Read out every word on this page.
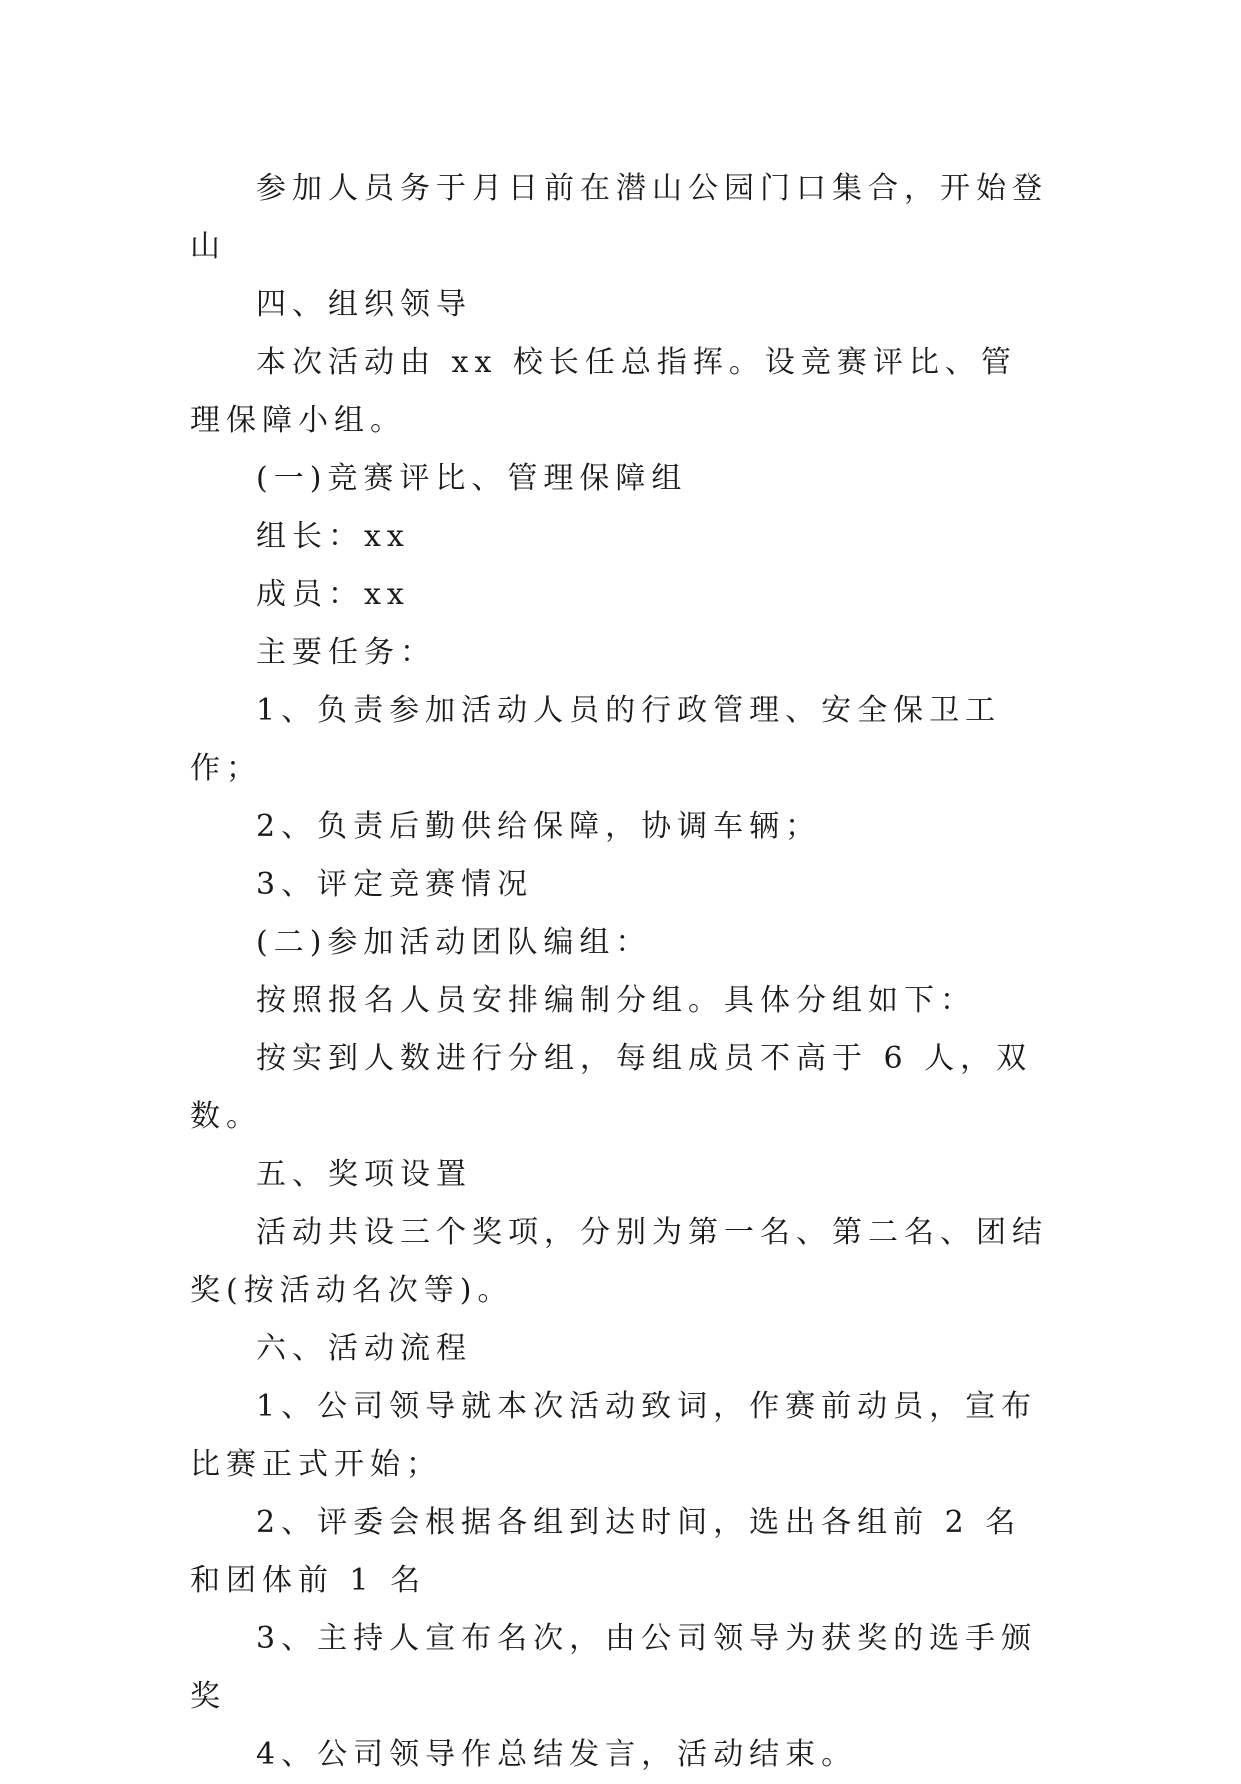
参加人员务于月日前在潜山公园门口集合，开始登山

四、组织领导

本次活动由 xx 校长任总指挥。设竞赛评比、管理保障小组。

(一)竞赛评比、管理保障组

组长：xx

成员：xx

主要任务：

1、负责参加活动人员的行政管理、安全保卫工作；

2、负责后勤供给保障，协调车辆；

3、评定竞赛情况

(二)参加活动团队编组：

按照报名人员安排编制分组。具体分组如下：

按实到人数进行分组，每组成员不高于 6 人，双数。

五、奖项设置

活动共设三个奖项，分别为第一名、第二名、团结奖(按活动名次等)。

六、活动流程

1、公司领导就本次活动致词，作赛前动员，宣布比赛正式开始；

2、评委会根据各组到达时间，选出各组前 2 名和团体前 1 名

3、主持人宣布名次，由公司领导为获奖的选手颁奖

4、公司领导作总结发言，活动结束。
